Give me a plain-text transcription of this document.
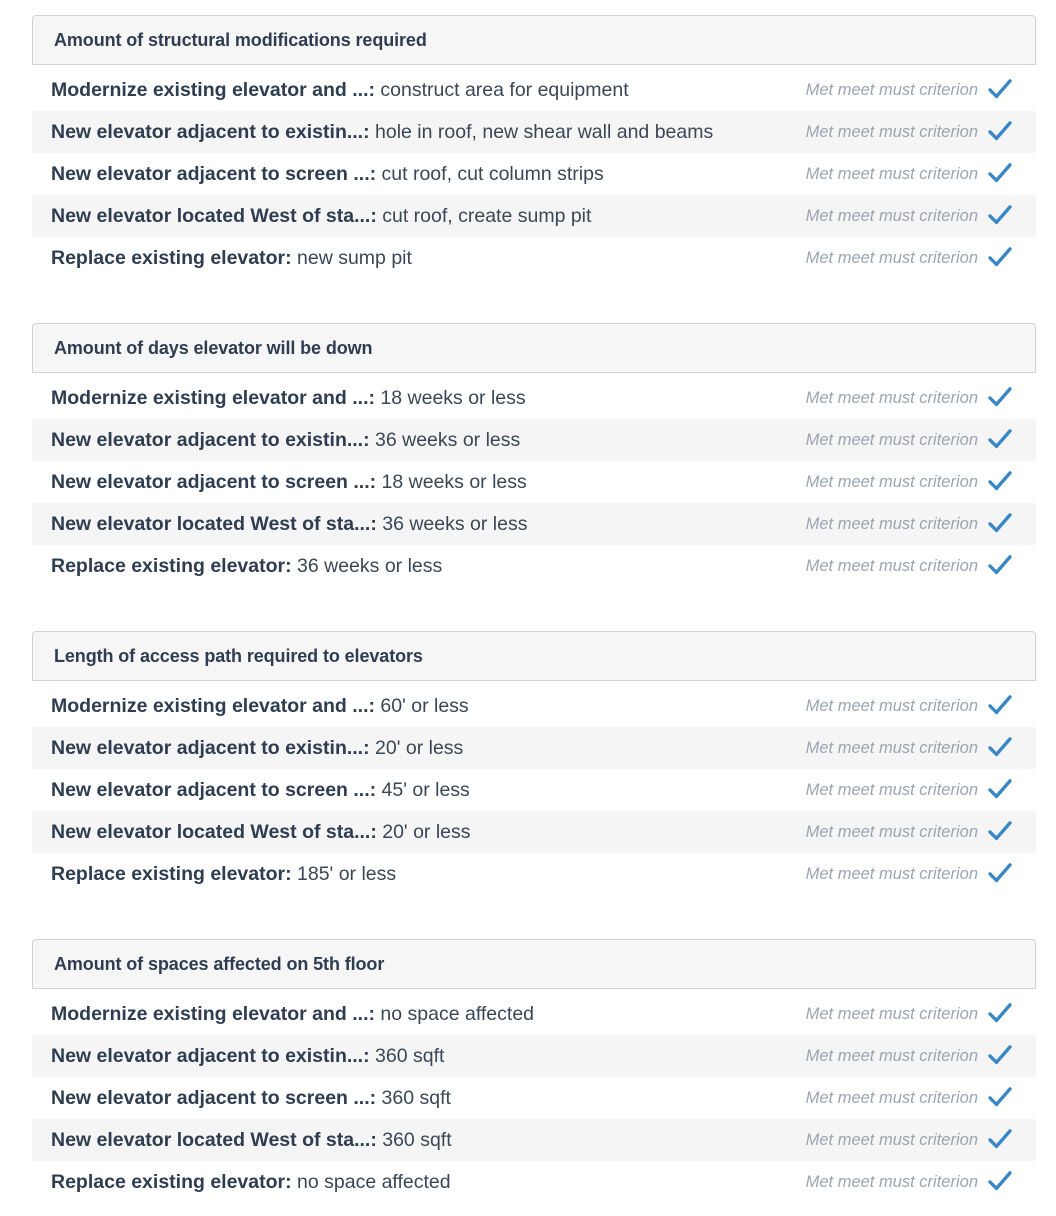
Amount of structural modifications required
Modernize existing elevator and ...: construct area for equipment	Met meet must criterion
New elevator adjacent to existin...: hole in roof, new shear wall and beams	Met meet must criterion
New elevator adjacent to screen ...: cut roof, cut column strips	Met meet must criterion
New elevator located West of sta...: cut roof, create sump pit	Met meet must criterion
Replace existing elevator: new sump pit	Met meet must criterion
Amount of days elevator will be down
Modernize existing elevator and ...: 18 weeks or less	Met meet must criterion
New elevator adjacent to existin...: 36 weeks or less	Met meet must criterion
New elevator adjacent to screen ...: 18 weeks or less	Met meet must criterion
New elevator located West of sta...: 36 weeks or less	Met meet must criterion
Replace existing elevator: 36 weeks or less	Met meet must criterion
Length of access path required to elevators
Modernize existing elevator and ...: 60' or less	Met meet must criterion
New elevator adjacent to existin...: 20' or less	Met meet must criterion
New elevator adjacent to screen ...: 45' or less	Met meet must criterion
New elevator located West of sta...: 20' or less	Met meet must criterion
Replace existing elevator: 185' or less	Met meet must criterion
Amount of spaces affected on 5th floor
Modernize existing elevator and ...: no space affected	Met meet must criterion
New elevator adjacent to existin...: 360 sqft	Met meet must criterion
New elevator adjacent to screen ...: 360 sqft	Met meet must criterion
New elevator located West of sta...: 360 sqft	Met meet must criterion
Replace existing elevator: no space affected	Met meet must criterion
